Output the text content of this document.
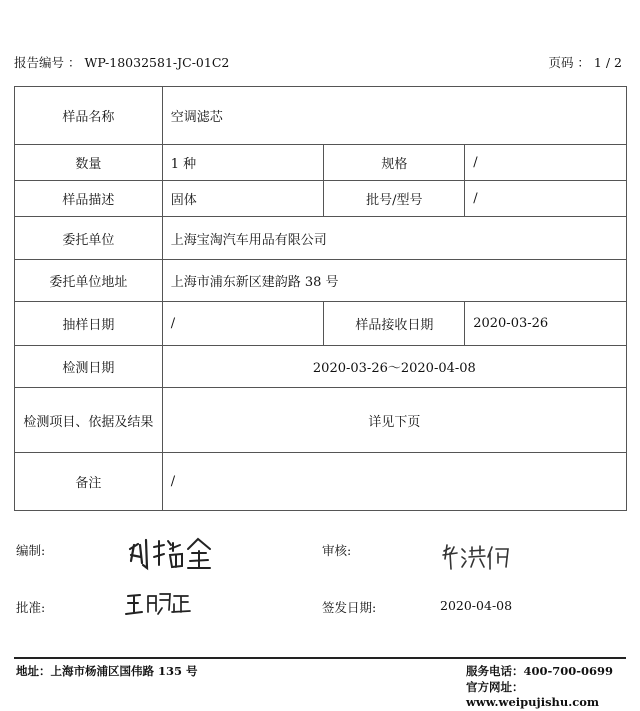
报告编号 ： WP-18032581-JC-01C2	页码 ： 1 / 2
样品名称	空调滤芯		
数量	1 种	规格	/
样品描述	固体	批号/型号	/
委托单位	上海宝淘汽车用品有限公司		
委托单位地址	上海市浦东新区建韵路 38 号		
抽样日期	/	样品接收日期	2020-03-26
检测日期	2020-03-26～2020-04-08		
检测项目、依据及结果	详见下页		
备注	/		
编制:	审核:
批准:	签发日期:	2020-04-08
地址：上海市杨浦区国伟路 135 号	服务电话：400-700-0699
官方网址：www.weipujishu.com
